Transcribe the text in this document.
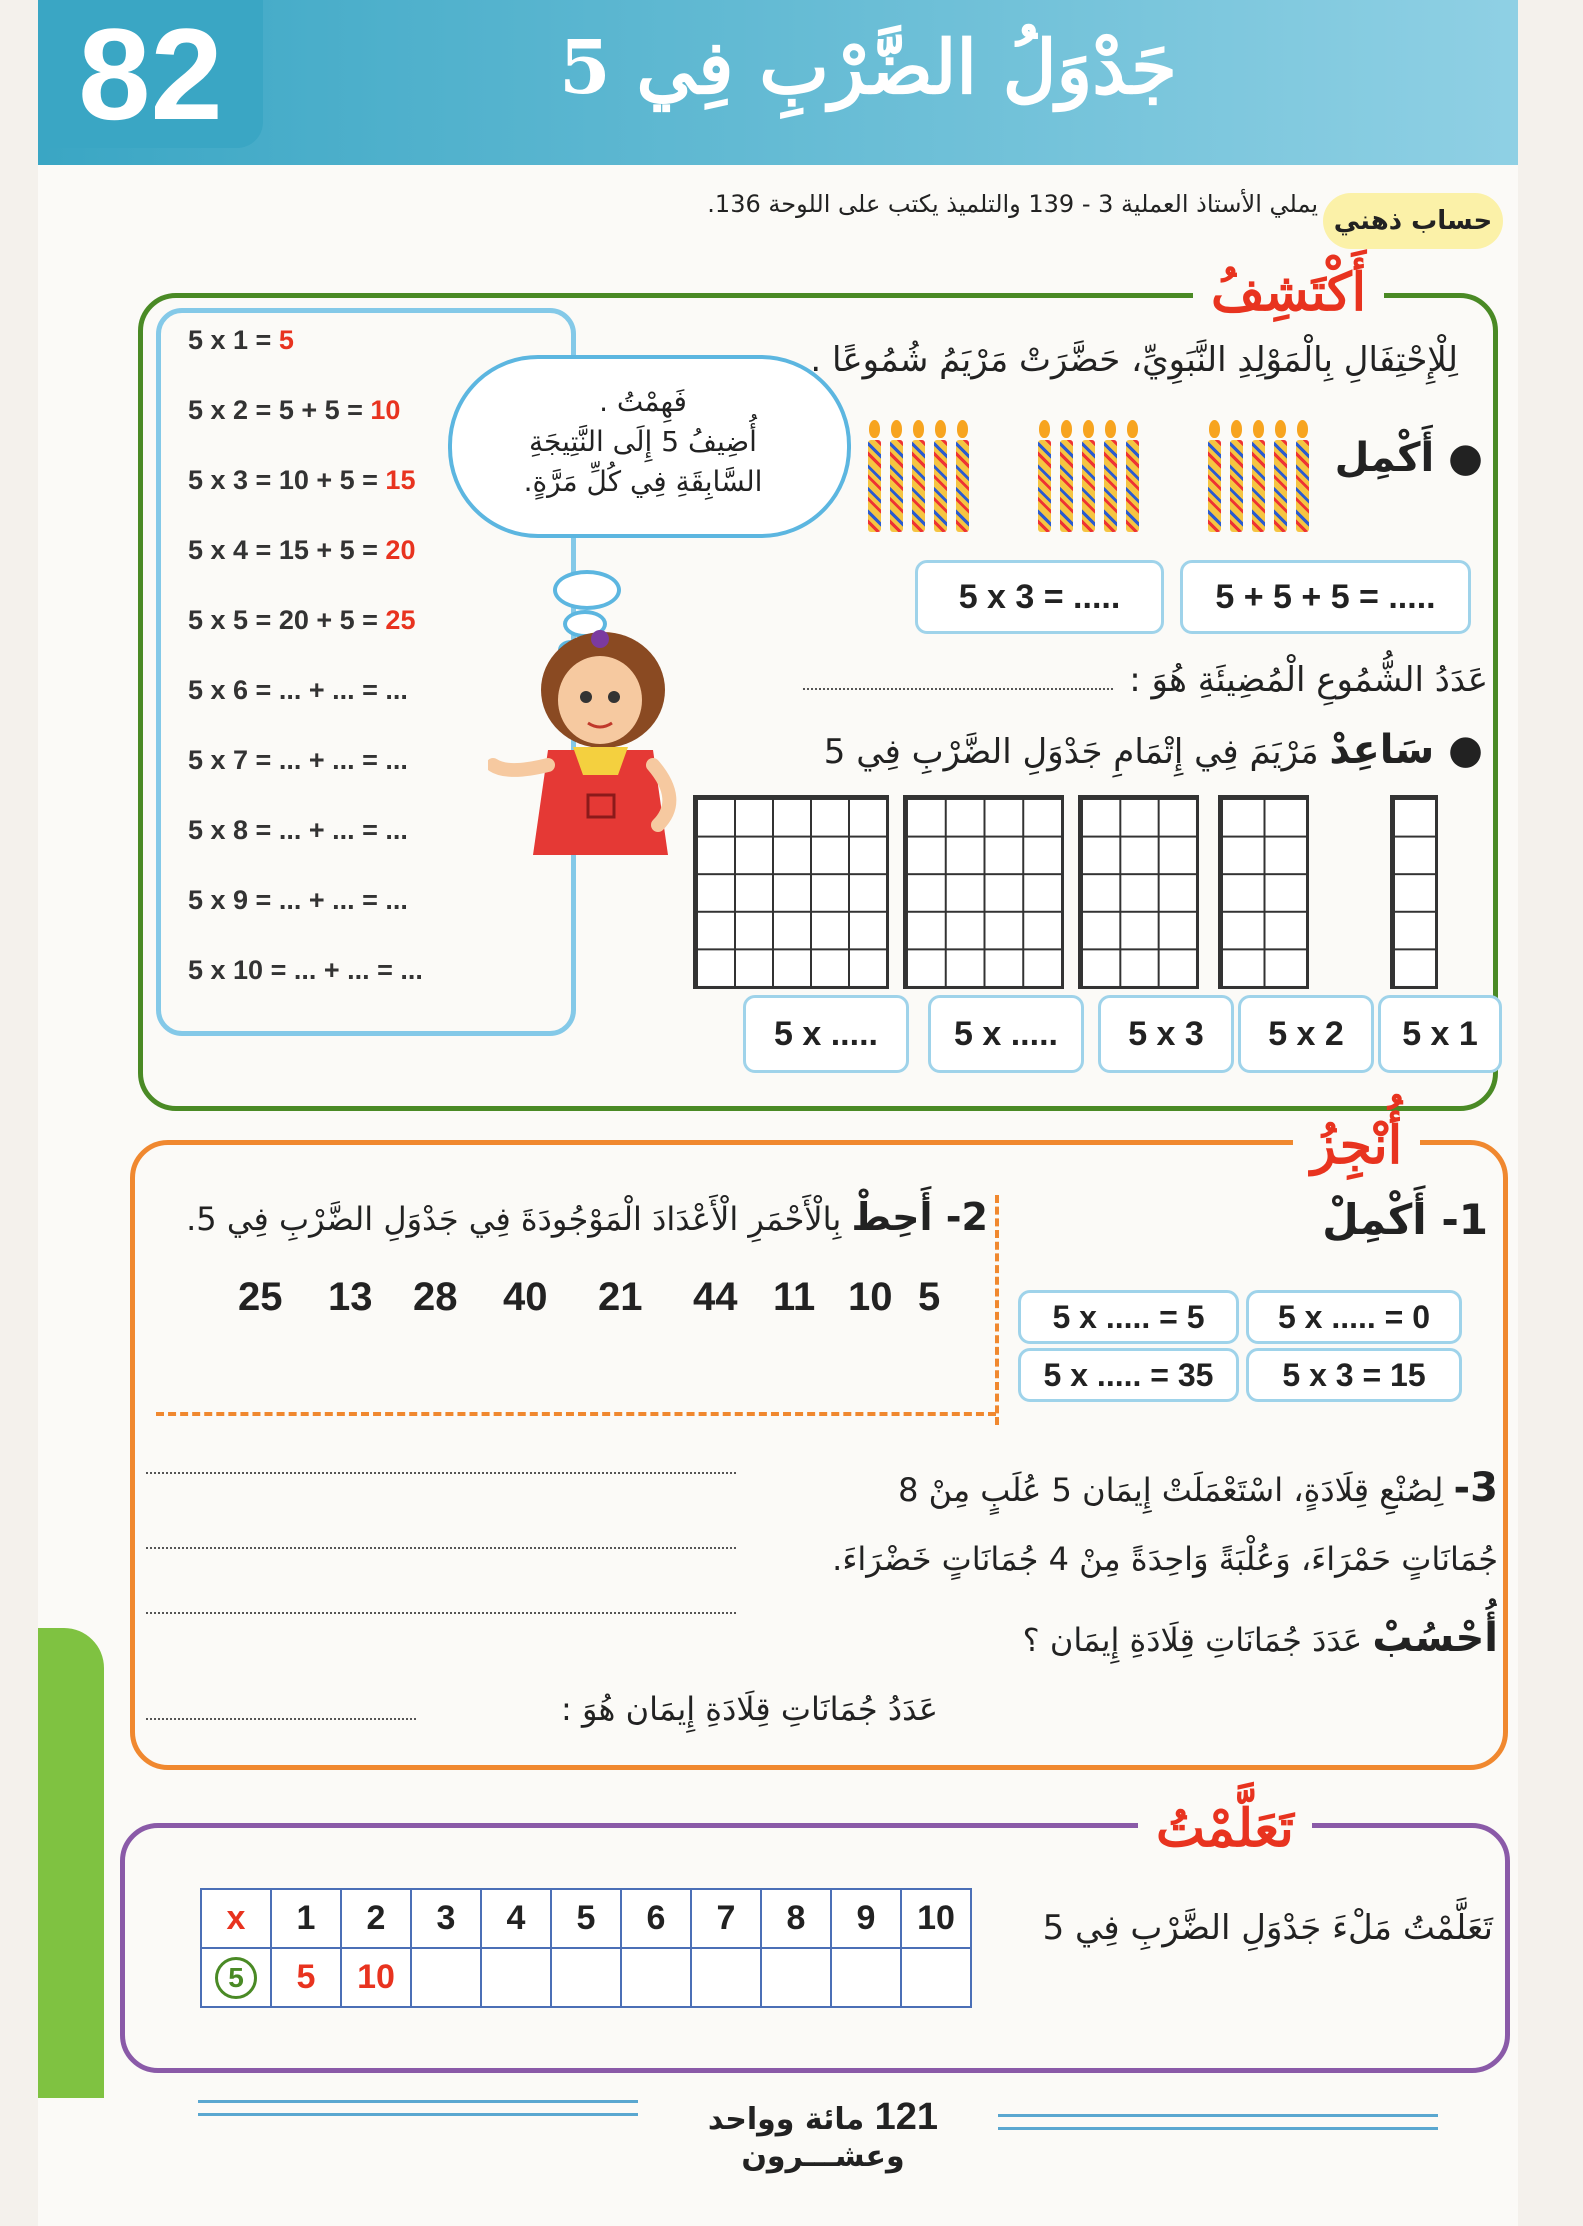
82	جَدْوَلُ الضَّرْبِ فِي 5
حساب ذهني
يملي الأستاذ العملية 3 - 139 والتلميذ يكتب على اللوحة 136.
أَكْتَشِفُ
فَهِمْتُ .
أُضِيفُ 5 إِلَى النَّتِيجَةِ
السَّابِقَةِ فِي كُلِّ مَرَّةٍ.
لِلْإِحْتِفَالِ بِالْمَوْلِدِ النَّبَوِيِّ، حَضَّرَتْ مَرْيَمُ شُمُوعًا .
● أَكْمِل
5 x 3 = .....	5 + 5 + 5 = .....
عَدَدُ الشُّمُوعِ الْمُضِيئَةِ هُوَ :
● سَاعِدْ مَرْيَمَ فِي إِتْمَامِ جَدْوَلِ الضَّرْبِ فِي 5
أُنْجِزُ
1- أَكْمِلْ
5 x ..... = 0
5 x ..... = 5
5 x 3 = 15
5 x ..... = 35
2- أَحِطْ بِالْأَحْمَرِ الْأَعْدَادَ الْمَوْجُودَةَ فِي جَدْوَلِ الضَّرْبِ فِي 5.
3- لِصُنْعِ قِلَادَةٍ، اسْتَعْمَلَتْ إِيمَان 5 عُلَبٍ مِنْ 8
جُمَانَاتٍ حَمْرَاءَ، وَعُلْبَةً وَاحِدَةً مِنْ 4 جُمَانَاتٍ خَضْرَاءَ.
أُحْسُبْ عَدَدَ جُمَانَاتِ قِلَادَةِ إِيمَان ؟
عَدَدُ جُمَانَاتِ قِلَادَةِ إِيمَان هُوَ :
تَعَلَّمْتُ
تَعَلَّمْتُ مَلْءَ جَدْوَلِ الضَّرْبِ فِي 5
x	1	2	3	4	5	6	7	8	9	10
5	5	10								
121 مائة وواحد وعشـــرون
5 x 1 = 5
5 x 2 = 5 + 5 = 10
5 x 3 = 10 + 5 = 15
5 x 4 = 15 + 5 = 20
5 x 5 = 20 + 5 = 25
5 x 6 = ... + ... = ...
5 x 7 = ... + ... = ...
5 x 8 = ... + ... = ...
5 x 9 = ... + ... = ...
5 x 10 = ... + ... = ...
5 x .....	5 x .....	5 x 3	5 x 2	5 x 1
5
10
11
44
21
40
28
13
25
